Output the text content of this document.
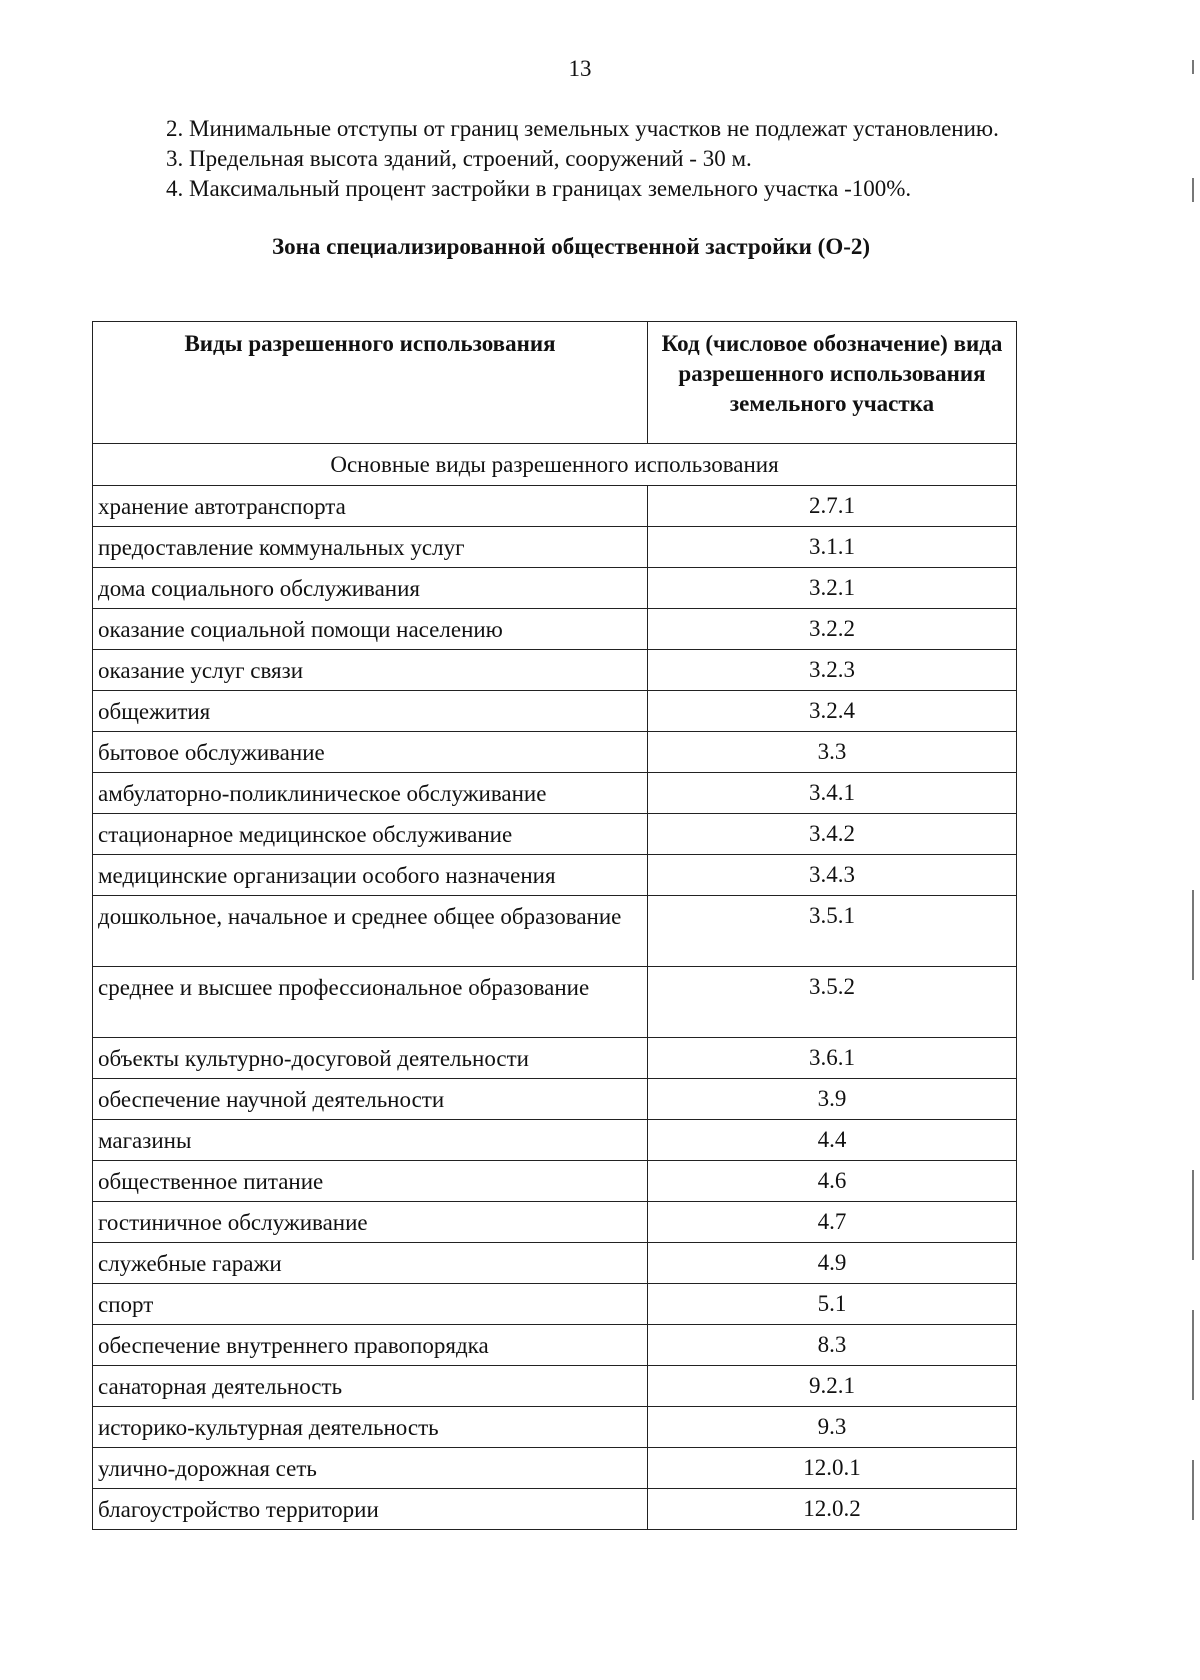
13

2. Минимальные отступы от границ земельных участков не подлежат установлению.

3. Предельная высота зданий, строений, сооружений - 30 м.

4. Максимальный процент застройки в границах земельного участка -100%.

Зона специализированной общественной застройки (О-2)
Виды разрешенного использования	Код (числовое обозначение) вида разрешенного использования земельного участка
Основные виды разрешенного использования	
хранение автотранспорта	2.7.1
предоставление коммунальных услуг	3.1.1
дома социального обслуживания	3.2.1
оказание социальной помощи населению	3.2.2
оказание услуг связи	3.2.3
общежития	3.2.4
бытовое обслуживание	3.3
амбулаторно-поликлиническое обслуживание	3.4.1
стационарное медицинское обслуживание	3.4.2
медицинские организации особого назначения	3.4.3
дошкольное, начальное и среднее общее образование	3.5.1
среднее и высшее профессиональное образование	3.5.2
объекты культурно-досуговой деятельности	3.6.1
обеспечение научной деятельности	3.9
магазины	4.4
общественное питание	4.6
гостиничное обслуживание	4.7
служебные гаражи	4.9
спорт	5.1
обеспечение внутреннего правопорядка	8.3
санаторная деятельность	9.2.1
историко-культурная деятельность	9.3
улично-дорожная сеть	12.0.1
благоустройство территории	12.0.2
